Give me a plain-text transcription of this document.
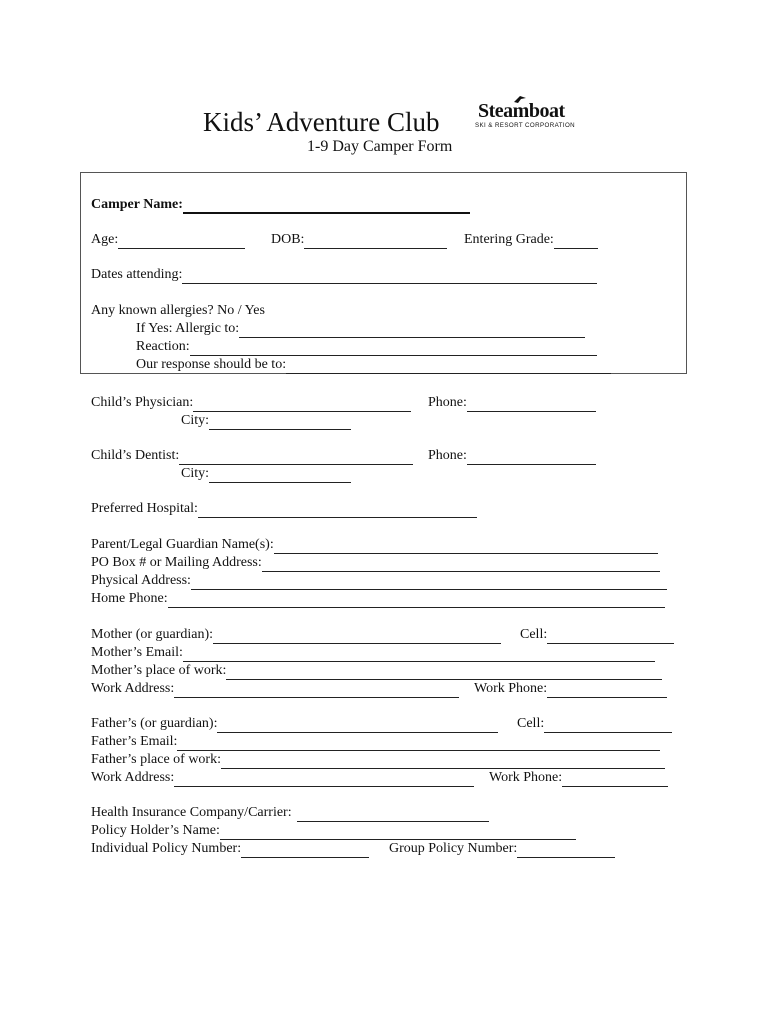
Kids’ Adventure Club
1-9 Day Camper Form
Steamboat
SKI & RESORT CORPORATION
Camper Name:
Age:	DOB:	Entering Grade:
Dates attending:
Any known allergies? No / Yes
If Yes: Allergic to:
Reaction:
Our response should be to:
Child’s Physician:	Phone:
City:
Child’s Dentist:	Phone:
City:
Preferred Hospital:
Parent/Legal Guardian Name(s):
PO Box # or Mailing Address:
Physical Address:
Home Phone:
Mother (or guardian):	Cell:
Mother’s Email:
Mother’s place of work:
Work Address:	Work Phone:
Father’s (or guardian):	Cell:
Father’s Email:
Father’s place of work:
Work Address:	Work Phone:
Health Insurance Company/Carrier:
Policy Holder’s Name:
Individual Policy Number:	Group Policy Number:
